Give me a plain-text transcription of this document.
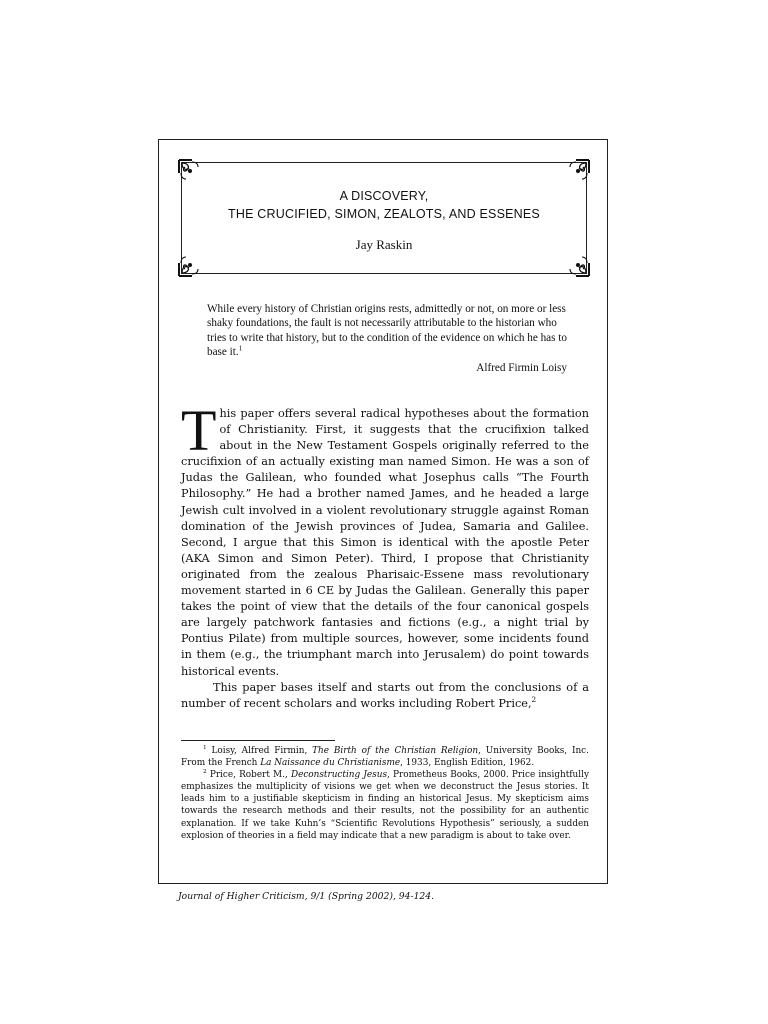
A DISCOVERY,
THE CRUCIFIED, SIMON, ZEALOTS, AND ESSENES
Jay Raskin

While every history of Christian origins rests, admittedly or not, on more or less shaky foundations, the fault is not necessarily attributable to the historian who tries to write that history, but to the condition of the evidence on which he has to base it.$^1$

Alfred Firmin Loisy

This paper offers several radical hypotheses about the formation of Christianity. First, it suggests that the crucifixion talked about in the New Testament Gospels originally referred to the crucifixion of an actually existing man named Simon. He was a son of Judas the Galilean, who founded what Josephus calls “The Fourth Philosophy.” He had a brother named James, and he headed a large Jewish cult involved in a violent revolutionary struggle against Roman domination of the Jewish provinces of Judea, Samaria and Galilee. Second, I argue that this Simon is identical with the apostle Peter (AKA Simon and Simon Peter). Third, I propose that Christianity originated from the zealous Pharisaic-Essene mass revolutionary movement started in 6 CE by Judas the Galilean. Generally this paper takes the point of view that the details of the four canonical gospels are largely patchwork fantasies and fictions (e.g., a night trial by Pontius Pilate) from multiple sources, however, some incidents found in them (e.g., the triumphant march into Jerusalem) do point towards historical events.

This paper bases itself and starts out from the conclusions of a number of recent scholars and works including Robert Price,$^2$

$^1$ Loisy, Alfred Firmin, The Birth of the Christian Religion, University Books, Inc. From the French La Naissance du Christianisme, 1933, English Edition, 1962.

$^2$ Price, Robert M., Deconstructing Jesus, Prometheus Books, 2000. Price insightfully emphasizes the multiplicity of visions we get when we deconstruct the Jesus stories. It leads him to a justifiable skepticism in finding an historical Jesus. My skepticism aims towards the research methods and their results, not the possibility for an authentic explanation. If we take Kuhn’s “Scientific Revolutions Hypothesis” seriously, a sudden explosion of theories in a field may indicate that a new paradigm is about to take over.

Journal of Higher Criticism, 9/1 (Spring 2002), 94-124.
